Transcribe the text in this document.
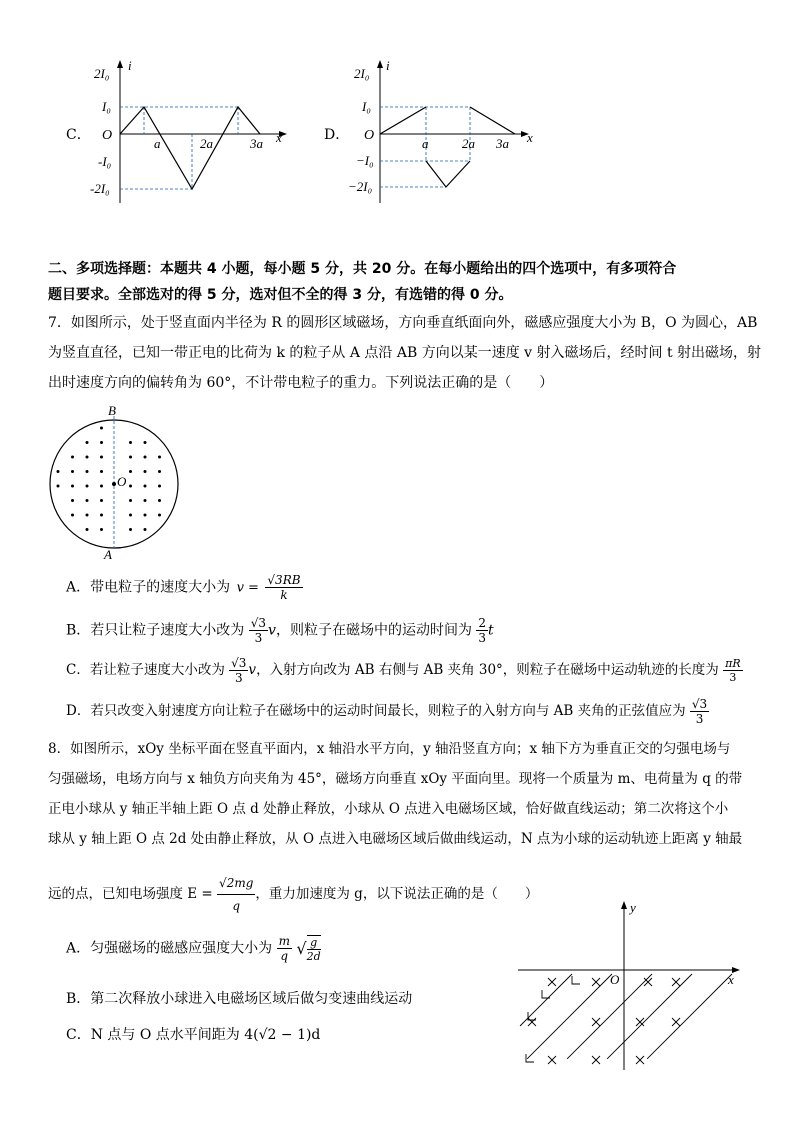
C．
2I₀
i
I₀
O
-I₀
-2I₀
a	2a	3a x	D．
2I₀
i
I₀
O
−I₀
−2I₀
a	2a 3a x
二、多项选择题：本题共 4 小题，每小题 5 分，共 20 分。在每小题给出的四个选项中，有多项符合
题目要求。全部选对的得 5 分，选对但不全的得 3 分，有选错的得 0 分。
7．如图所示，处于竖直面内半径为 R 的圆形区域磁场，方向垂直纸面向外，磁感应强度大小为 B，O 为圆心，AB
为竖直直径，已知一带正电的比荷为 k 的粒子从 A 点沿 AB 方向以某一速度 v 射入磁场后，经时间 t 射出磁场，射
出时速度方向的偏转角为 60°，不计带电粒子的重力。下列说法正确的是（　　）
B
O
A
A．带电粒子的速度大小为 $v = \frac{√3RB}{k}$
B．若只让粒子速度大小改为 $\frac{√3}{3}$ v，则粒子在磁场中的运动时间为 $\frac{2}{3}$ t
C．若让粒子速度大小改为 $\frac{√3}{3}$ v，入射方向改为 AB 右侧与 AB 夹角 30°，则粒子在磁场中运动轨迹的长度为 $\frac{\pi R}{3}$
D．若只改变入射速度方向让粒子在磁场中的运动时间最长，则粒子的入射方向与 AB 夹角的正弦值应为 $\frac{√3}{3}$
8．如图所示，xOy 坐标平面在竖直平面内，x 轴沿水平方向，y 轴沿竖直方向；x 轴下方为垂直正交的匀强电场与
匀强磁场，电场方向与 x 轴负方向夹角为 45°，磁场方向垂直 xOy 平面向里。现将一个质量为 m、电荷量为 q 的带
正电小球从 y 轴正半轴上距 O 点 d 处静止释放，小球从 O 点进入电磁场区域，恰好做直线运动；第二次将这个小
球从 y 轴上距 O 点 2d 处由静止释放，从 O 点进入电磁场区域后做曲线运动，N 点为小球的运动轨迹上距离 y 轴最
远的点，已知电场强度 $E = \frac{√2mg}{q}$ ，重力加速度为 g，以下说法正确的是（　　）
A．匀强磁场的磁感应强度大小为 $\frac{m}{q}$ √ $\frac{g}{2d}$
B．第二次释放小球进入电磁场区域后做匀变速曲线运动
C．N 点与 O 点水平间距为 4(√2 − 1)d
y
x
O
